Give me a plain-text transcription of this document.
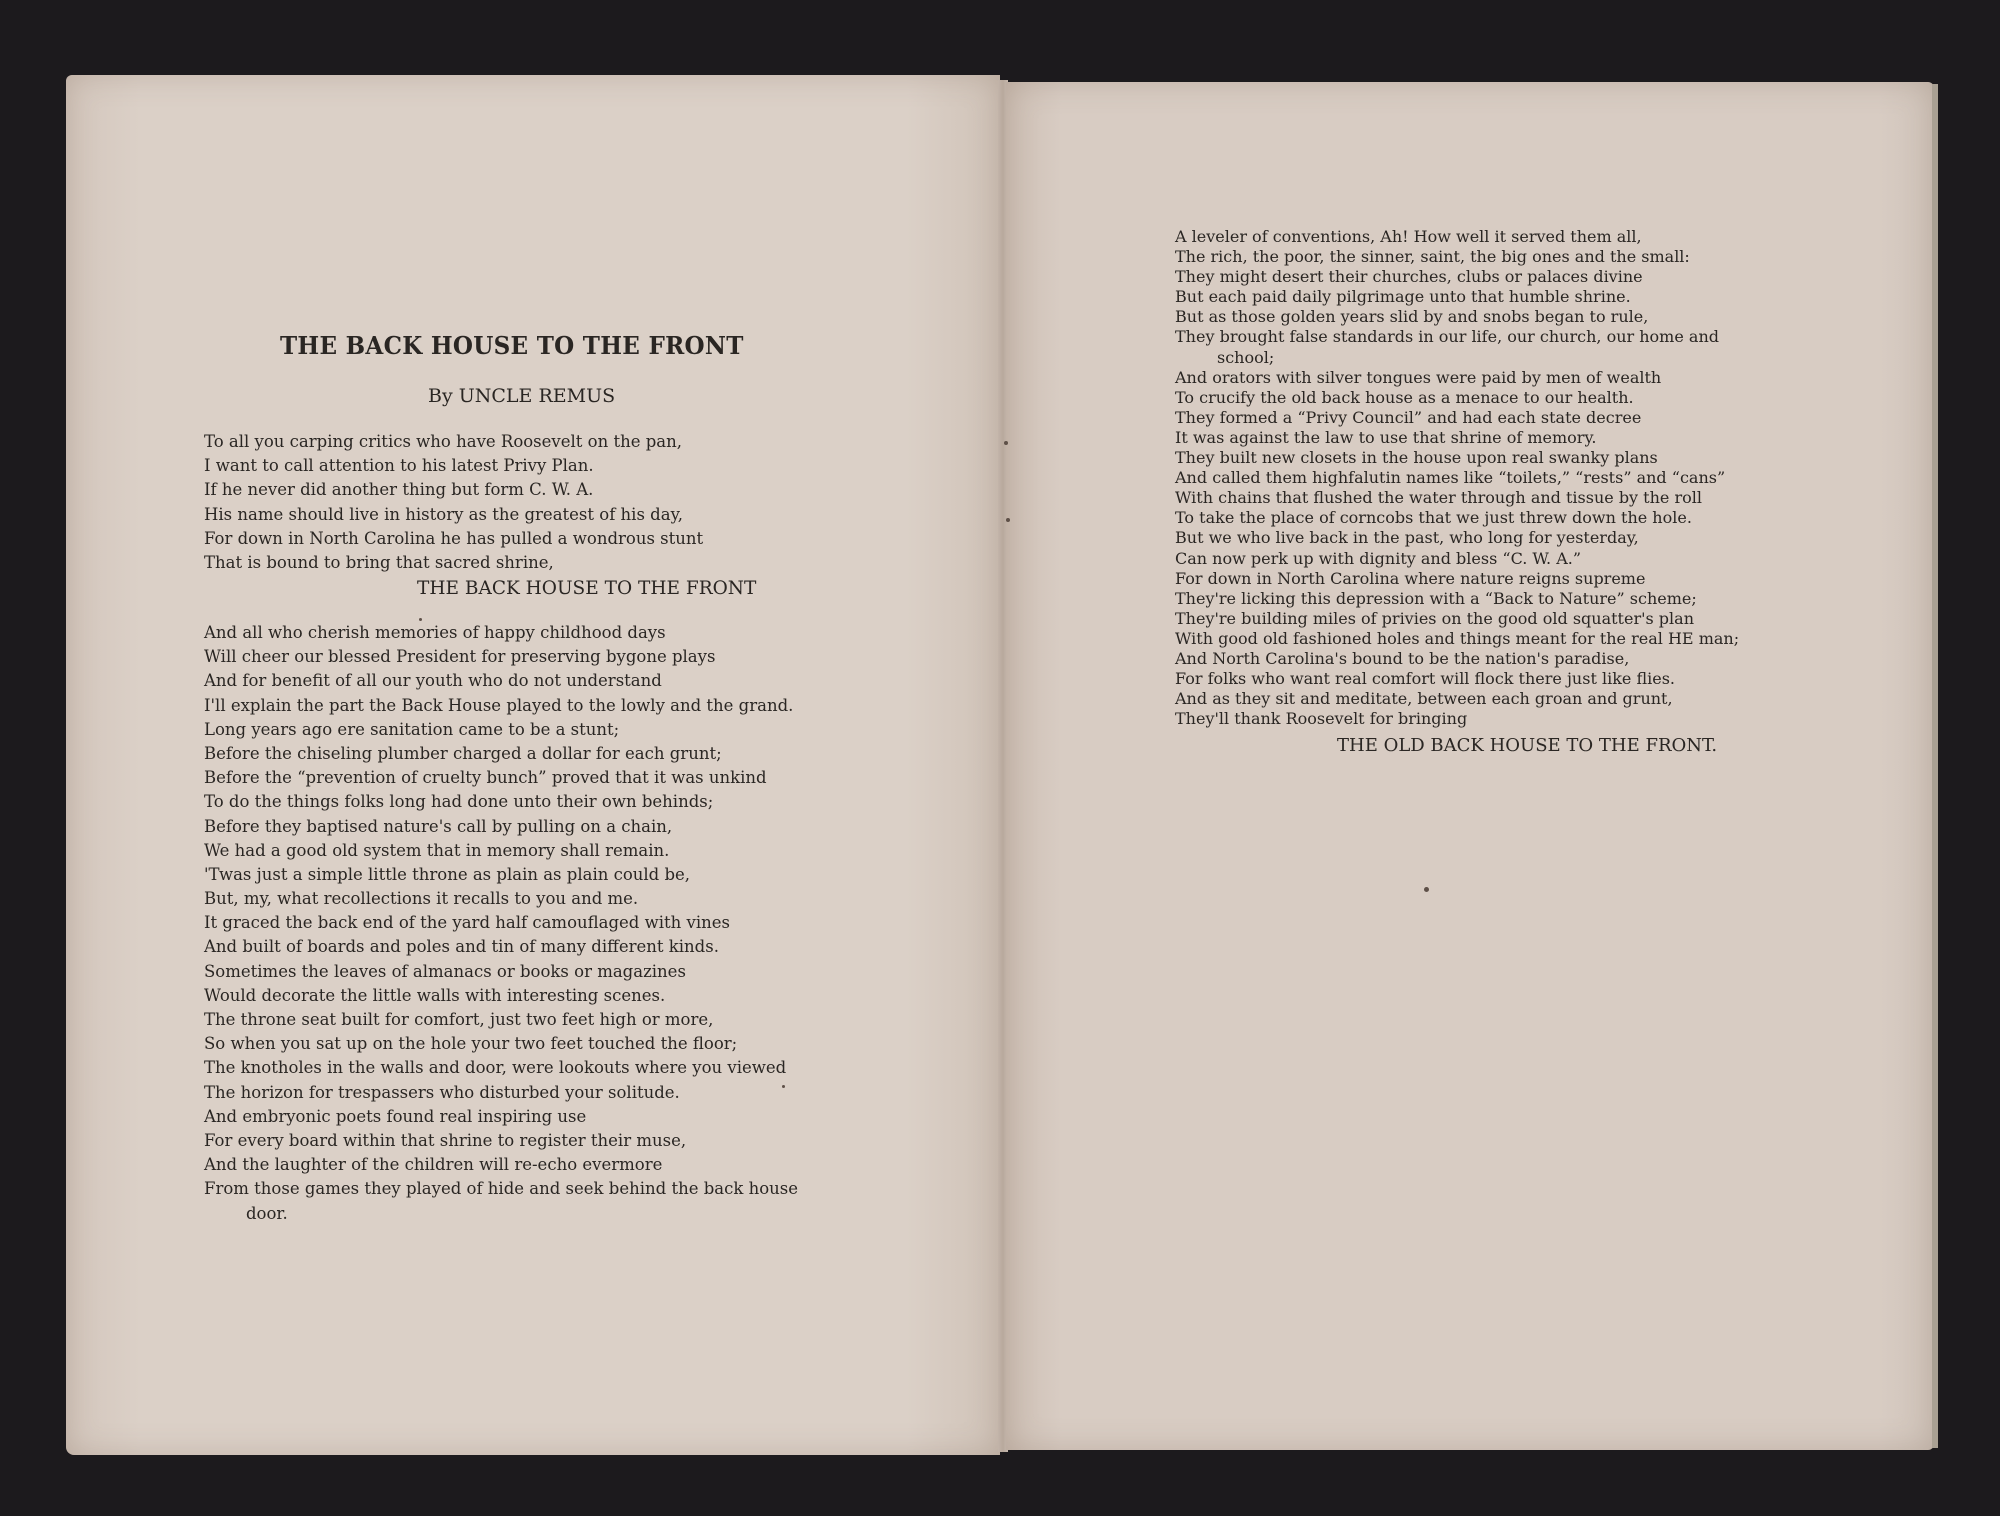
THE BACK HOUSE TO THE FRONT
By UNCLE REMUS
To all you carping critics who have Roosevelt on the pan,
I want to call attention to his latest Privy Plan.
If he never did another thing but form C. W. A.
His name should live in history as the greatest of his day,
For down in North Carolina he has pulled a wondrous stunt
That is bound to bring that sacred shrine,
THE BACK HOUSE TO THE FRONT
And all who cherish memories of happy childhood days
Will cheer our blessed President for preserving bygone plays
And for benefit of all our youth who do not understand
I'll explain the part the Back House played to the lowly and the grand.
Long years ago ere sanitation came to be a stunt;
Before the chiseling plumber charged a dollar for each grunt;
Before the “prevention of cruelty bunch” proved that it was unkind
To do the things folks long had done unto their own behinds;
Before they baptised nature's call by pulling on a chain,
We had a good old system that in memory shall remain.
'Twas just a simple little throne as plain as plain could be,
But, my, what recollections it recalls to you and me.
It graced the back end of the yard half camouflaged with vines
And built of boards and poles and tin of many different kinds.
Sometimes the leaves of almanacs or books or magazines
Would decorate the little walls with interesting scenes.
The throne seat built for comfort, just two feet high or more,
So when you sat up on the hole your two feet touched the floor;
The knotholes in the walls and door, were lookouts where you viewed
The horizon for trespassers who disturbed your solitude.
And embryonic poets found real inspiring use
For every board within that shrine to register their muse,
And the laughter of the children will re-echo evermore
From those games they played of hide and seek behind the back house
door.
A leveler of conventions, Ah! How well it served them all,
The rich, the poor, the sinner, saint, the big ones and the small:
They might desert their churches, clubs or palaces divine
But each paid daily pilgrimage unto that humble shrine.
But as those golden years slid by and snobs began to rule,
They brought false standards in our life, our church, our home and
school;
And orators with silver tongues were paid by men of wealth
To crucify the old back house as a menace to our health.
They formed a “Privy Council” and had each state decree
It was against the law to use that shrine of memory.
They built new closets in the house upon real swanky plans
And called them highfalutin names like “toilets,” “rests” and “cans”
With chains that flushed the water through and tissue by the roll
To take the place of corncobs that we just threw down the hole.
But we who live back in the past, who long for yesterday,
Can now perk up with dignity and bless “C. W. A.”
For down in North Carolina where nature reigns supreme
They're licking this depression with a “Back to Nature” scheme;
They're building miles of privies on the good old squatter's plan
With good old fashioned holes and things meant for the real HE man;
And North Carolina's bound to be the nation's paradise,
For folks who want real comfort will flock there just like flies.
And as they sit and meditate, between each groan and grunt,
They'll thank Roosevelt for bringing
THE OLD BACK HOUSE TO THE FRONT.
